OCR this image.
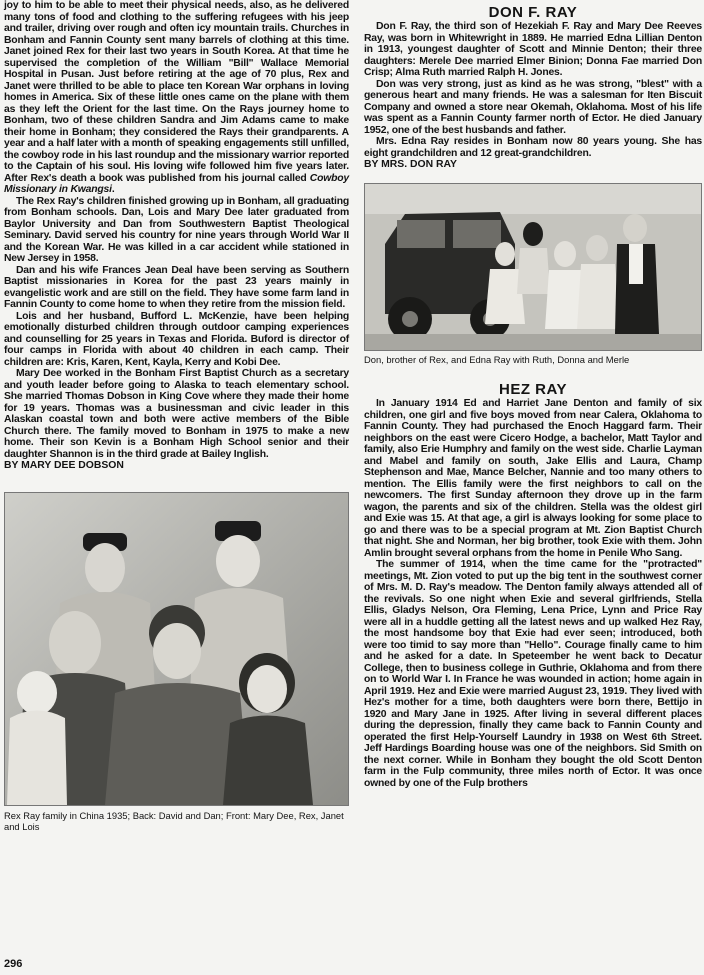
joy to him to be able to meet their physical needs, also, as he delivered many tons of food and clothing to the suffering refugees with his jeep and trailer, driving over rough and often icy mountain trails. Churches in Bonham and Fannin County sent many barrels of clothing at this time. Janet joined Rex for their last two years in South Korea. At that time he supervised the completion of the William "Bill" Wallace Memorial Hospital in Pusan. Just before retiring at the age of 70 plus, Rex and Janet were thrilled to be able to place ten Korean War orphans in loving homes in America. Six of these little ones came on the plane with them as they left the Orient for the last time. On the Rays journey home to Bonham, two of these children Sandra and Jim Adams came to make their home in Bonham; they considered the Rays their grandparents. A year and a half later with a month of speaking engagements still unfilled, the cowboy rode in his last roundup and the missionary warrior reported to the Captain of his soul. His loving wife followed him five years later. After Rex's death a book was published from his journal called Cowboy Missionary in Kwangsi.

The Rex Ray's children finished growing up in Bonham, all graduating from Bonham schools. Dan, Lois and Mary Dee later graduated from Baylor University and Dan from Southwestern Baptist Theological Seminary. David served his country for nine years through World War II and the Korean War. He was killed in a car accident while stationed in New Jersey in 1958.

Dan and his wife Frances Jean Deal have been serving as Southern Baptist missionaries in Korea for the past 23 years mainly in evangelistic work and are still on the field. They have some farm land in Fannin County to come home to when they retire from the mission field.

Lois and her husband, Bufford L. McKenzie, have been helping emotionally disturbed children through outdoor camping experiences and counselling for 25 years in Texas and Florida. Buford is director of four camps in Florida with about 40 children in each camp. Their children are: Kris, Karen, Kent, Kayla, Kerry and Kobi Dee.

Mary Dee worked in the Bonham First Baptist Church as a secretary and youth leader before going to Alaska to teach elementary school. She married Thomas Dobson in King Cove where they made their home for 19 years. Thomas was a businessman and civic leader in this Alaskan coastal town and both were active members of the Bible Church there. The family moved to Bonham in 1975 to make a new home. Their son Kevin is a Bonham High School senior and their daughter Shannon is in the third grade at Bailey Inglish.

BY MARY DEE DOBSON
Rex Ray family in China 1935; Back: David and Dan; Front: Mary Dee, Rex, Janet and Lois
DON F. RAY

Don F. Ray, the third son of Hezekiah F. Ray and Mary Dee Reeves Ray, was born in Whitewright in 1889. He married Edna Lillian Denton in 1913, youngest daughter of Scott and Minnie Denton; their three daughters: Merele Dee married Elmer Binion; Donna Fae married Don Crisp; Alma Ruth married Ralph H. Jones.

Don was very strong, just as kind as he was strong, "blest" with a generous heart and many friends. He was a salesman for Iten Biscuit Company and owned a store near Okemah, Oklahoma. Most of his life was spent as a Fannin County farmer north of Ector. He died January 1952, one of the best husbands and father.

Mrs. Edna Ray resides in Bonham now 80 years young. She has eight grandchildren and 12 great-grandchildren.

BY MRS. DON RAY
Don, brother of Rex, and Edna Ray with Ruth, Donna and Merle
HEZ RAY

In January 1914 Ed and Harriet Jane Denton and family of six children, one girl and five boys moved from near Calera, Oklahoma to Fannin County. They had purchased the Enoch Haggard farm. Their neighbors on the east were Cicero Hodge, a bachelor, Matt Taylor and family, also Erie Humphry and family on the west side. Charlie Layman and Mabel and family on south, Jake Ellis and Laura, Champ Stephenson and Mae, Mance Belcher, Nannie and too many others to mention. The Ellis family were the first neighbors to call on the newcomers. The first Sunday afternoon they drove up in the farm wagon, the parents and six of the children. Stella was the oldest girl and Exie was 15. At that age, a girl is always looking for some place to go and there was to be a special program at Mt. Zion Baptist Church that night. She and Norman, her big brother, took Exie with them. John Amlin brought several orphans from the home in Penile Who Sang.

The summer of 1914, when the time came for the "protracted" meetings, Mt. Zion voted to put up the big tent in the southwest corner of Mrs. M. D. Ray's meadow. The Denton family always attended all of the revivals. So one night when Exie and several girlfriends, Stella Ellis, Gladys Nelson, Ora Fleming, Lena Price, Lynn and Price Ray were all in a huddle getting all the latest news and up walked Hez Ray, the most handsome boy that Exie had ever seen; introduced, both were too timid to say more than "Hello". Courage finally came to him and he asked for a date. In Speteember he went back to Decatur College, then to business college in Guthrie, Oklahoma and from there on to World War I. In France he was wounded in action; home again in April 1919. Hez and Exie were married August 23, 1919. They lived with Hez's mother for a time, both daughters were born there, Bettijo in 1920 and Mary Jane in 1925. After living in several different places during the depression, finally they came back to Fannin County and operated the first Help-Yourself Laundry in 1938 on West 6th Street. Jeff Hardings Boarding house was one of the neighbors. Sid Smith on the next corner. While in Bonham they bought the old Scott Denton farm in the Fulp community, three miles north of Ector. It was once owned by one of the Fulp brothers

296
